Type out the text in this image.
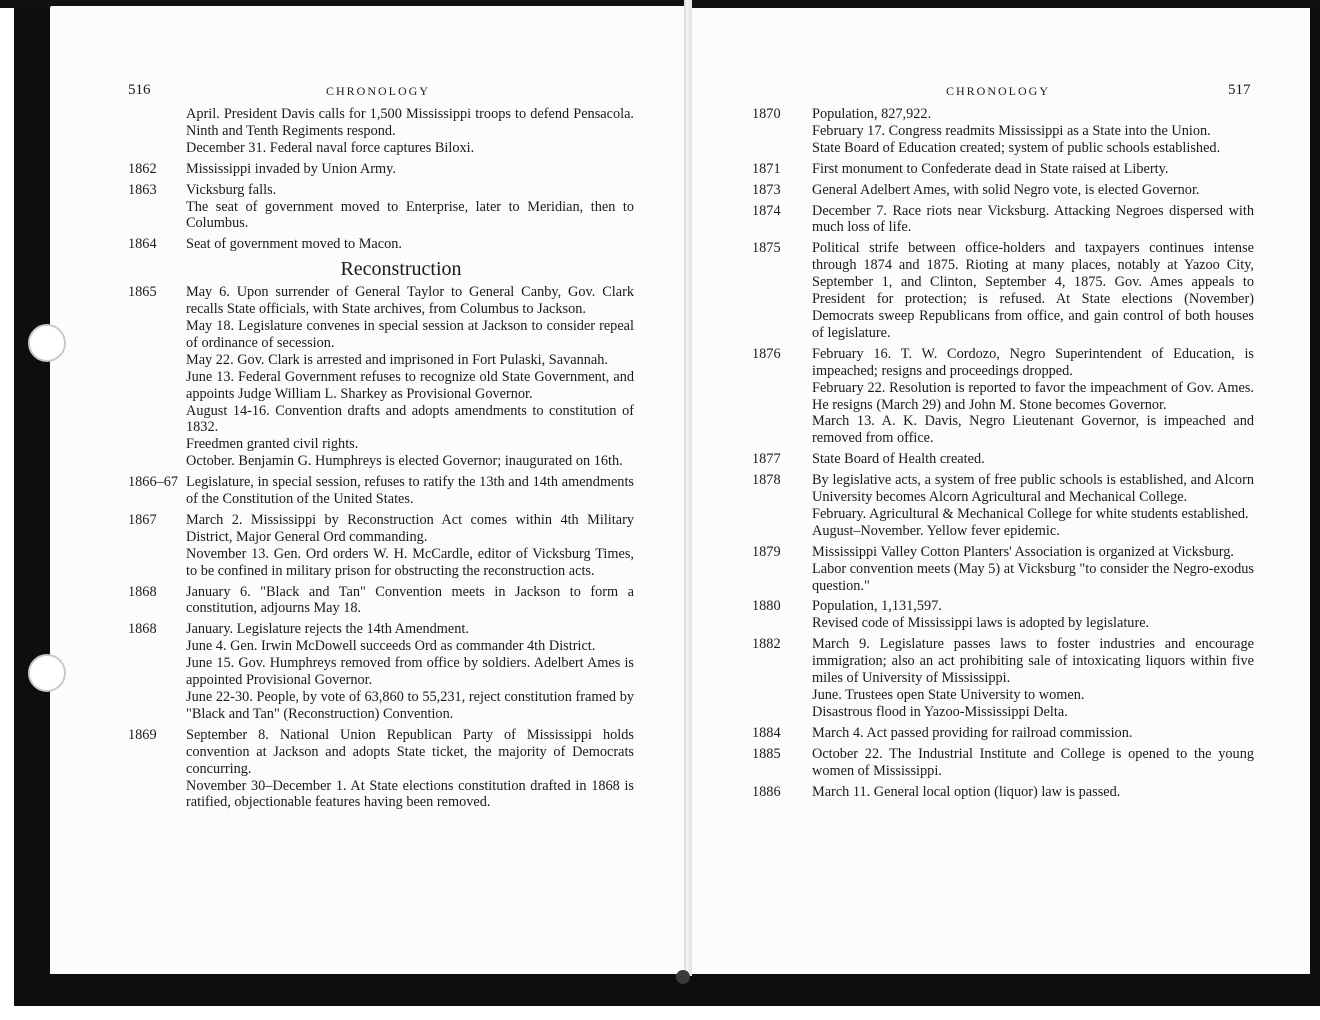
516	CHRONOLOGY	CHRONOLOGY	517

April. President Davis calls for 1,500 Mississippi troops to defend Pensacola. Ninth and Tenth Regiments respond.

December 31. Federal naval force captures Biloxi.

1862	Mississippi invaded by Union Army.

1863	Vicksburg falls.

The seat of government moved to Enterprise, later to Meridian, then to Columbus.

1864	Seat of government moved to Macon.

Reconstruction
1865	May 6. Upon surrender of General Taylor to General Canby, Gov. Clark recalls State officials, with State archives, from Columbus to Jackson.

May 18. Legislature convenes in special session at Jackson to consider repeal of ordinance of secession.

May 22. Gov. Clark is arrested and imprisoned in Fort Pulaski, Savannah.

June 13. Federal Government refuses to recognize old State Government, and appoints Judge William L. Sharkey as Provisional Governor.

August 14-16. Convention drafts and adopts amendments to constitution of 1832.

Freedmen granted civil rights.

October. Benjamin G. Humphreys is elected Governor; inaugurated on 16th.

1866–67 Legislature, in special session, refuses to ratify the 13th and 14th amendments of the Constitution of the United States.

1867	March 2. Mississippi by Reconstruction Act comes within 4th Military District, Major General Ord commanding.

November 13. Gen. Ord orders W. H. McCardle, editor of Vicksburg Times, to be confined in military prison for obstructing the reconstruction acts.

1868	January 6. "Black and Tan" Convention meets in Jackson to form a constitution, adjourns May 18.

1868	January. Legislature rejects the 14th Amendment.

June 4. Gen. Irwin McDowell succeeds Ord as commander 4th District.

June 15. Gov. Humphreys removed from office by soldiers. Adelbert Ames is appointed Provisional Governor.

June 22-30. People, by vote of 63,860 to 55,231, reject constitution framed by "Black and Tan" (Reconstruction) Convention.

1869	September 8. National Union Republican Party of Mississippi holds convention at Jackson and adopts State ticket, the majority of Democrats concurring.

November 30–December 1. At State elections constitution drafted in 1868 is ratified, objectionable features having been removed.

1870	Population, 827,922.

February 17. Congress readmits Mississippi as a State into the Union.

State Board of Education created; system of public schools established.

1871	First monument to Confederate dead in State raised at Liberty.

1873	General Adelbert Ames, with solid Negro vote, is elected Governor.

1874	December 7. Race riots near Vicksburg. Attacking Negroes dispersed with much loss of life.

1875	Political strife between office-holders and taxpayers continues intense through 1874 and 1875. Rioting at many places, notably at Yazoo City, September 1, and Clinton, September 4, 1875. Gov. Ames appeals to President for protection; is refused. At State elections (November) Democrats sweep Republicans from office, and gain control of both houses of legislature.

1876	February 16. T. W. Cordozo, Negro Superintendent of Education, is impeached; resigns and proceedings dropped.

February 22. Resolution is reported to favor the impeachment of Gov. Ames. He resigns (March 29) and John M. Stone becomes Governor.

March 13. A. K. Davis, Negro Lieutenant Governor, is impeached and removed from office.

1877	State Board of Health created.

1878	By legislative acts, a system of free public schools is established, and Alcorn University becomes Alcorn Agricultural and Mechanical College.

February. Agricultural & Mechanical College for white students established.

August–November. Yellow fever epidemic.

1879	Mississippi Valley Cotton Planters' Association is organized at Vicksburg.

Labor convention meets (May 5) at Vicksburg "to consider the Negro-exodus question."

1880	Population, 1,131,597.

Revised code of Mississippi laws is adopted by legislature.

1882	March 9. Legislature passes laws to foster industries and encourage immigration; also an act prohibiting sale of intoxicating liquors within five miles of University of Mississippi.

June. Trustees open State University to women.

Disastrous flood in Yazoo-Mississippi Delta.

1884	March 4. Act passed providing for railroad commission.

1885	October 22. The Industrial Institute and College is opened to the young women of Mississippi.

1886	March 11. General local option (liquor) law is passed.
